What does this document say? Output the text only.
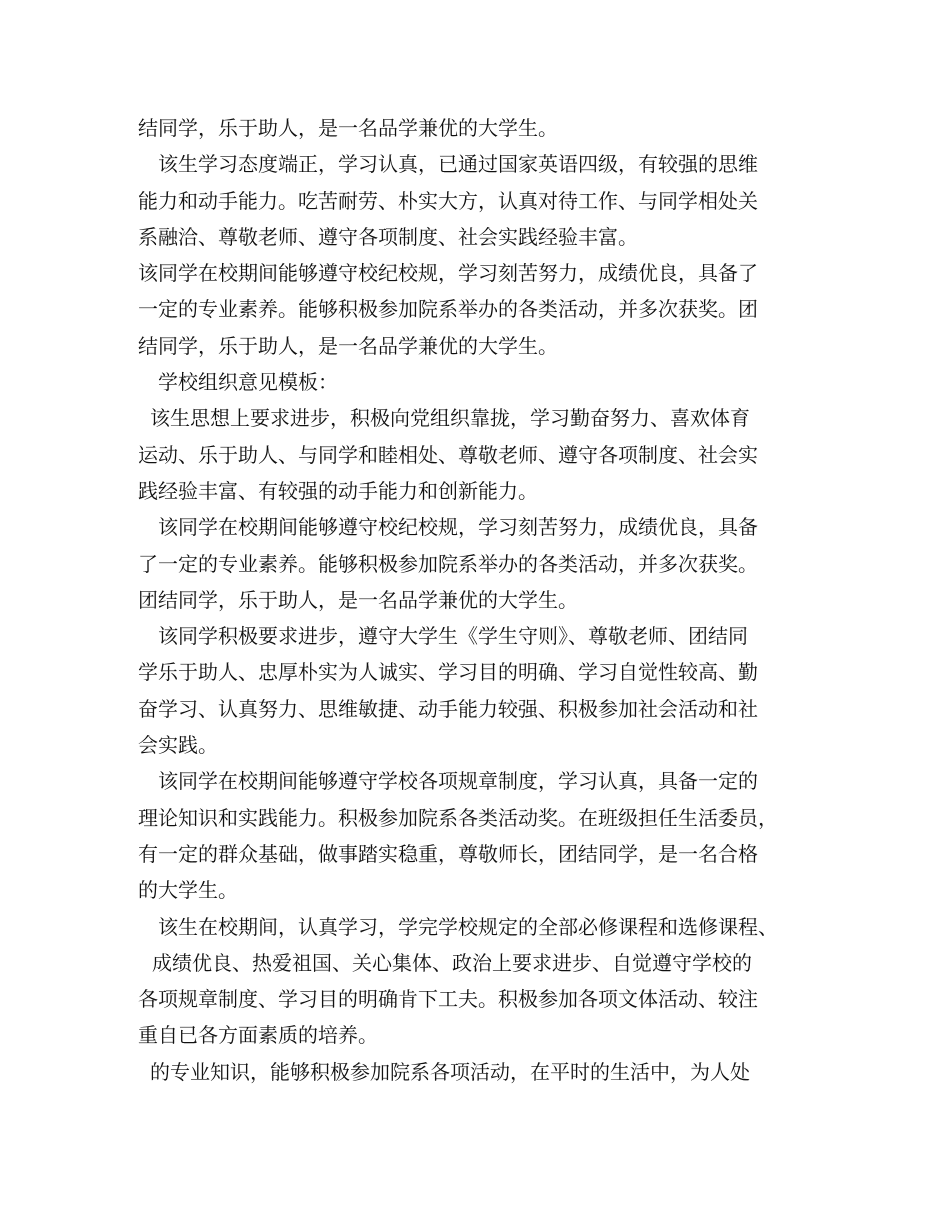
结同学，乐于助人，是一名品学兼优的大学生。
该生学习态度端正，学习认真，已通过国家英语四级，有较强的思维
能力和动手能力。吃苦耐劳、朴实大方，认真对待工作、与同学相处关
系融洽、尊敬老师、遵守各项制度、社会实践经验丰富。
该同学在校期间能够遵守校纪校规，学习刻苦努力，成绩优良，具备了
一定的专业素养。能够积极参加院系举办的各类活动，并多次获奖。团
结同学，乐于助人，是一名品学兼优的大学生。
学校组织意见模板：
该生思想上要求进步，积极向党组织靠拢，学习勤奋努力、喜欢体育
运动、乐于助人、与同学和睦相处、尊敬老师、遵守各项制度、社会实
践经验丰富、有较强的动手能力和创新能力。
该同学在校期间能够遵守校纪校规，学习刻苦努力，成绩优良，具备
了一定的专业素养。能够积极参加院系举办的各类活动，并多次获奖。
团结同学，乐于助人，是一名品学兼优的大学生。
该同学积极要求进步，遵守大学生《学生守则》、尊敬老师、团结同
学乐于助人、忠厚朴实为人诚实、学习目的明确、学习自觉性较高、勤
奋学习、认真努力、思维敏捷、动手能力较强、积极参加社会活动和社
会实践。
该同学在校期间能够遵守学校各项规章制度，学习认真，具备一定的
理论知识和实践能力。积极参加院系各类活动奖。在班级担任生活委员，
有一定的群众基础，做事踏实稳重，尊敬师长，团结同学，是一名合格
的大学生。
该生在校期间，认真学习，学完学校规定的全部必修课程和选修课程、
成绩优良、热爱祖国、关心集体、政治上要求进步、自觉遵守学校的
各项规章制度、学习目的明确肯下工夫。积极参加各项文体活动、较注
重自已各方面素质的培养。
的专业知识，能够积极参加院系各项活动，在平时的生活中，为人处
